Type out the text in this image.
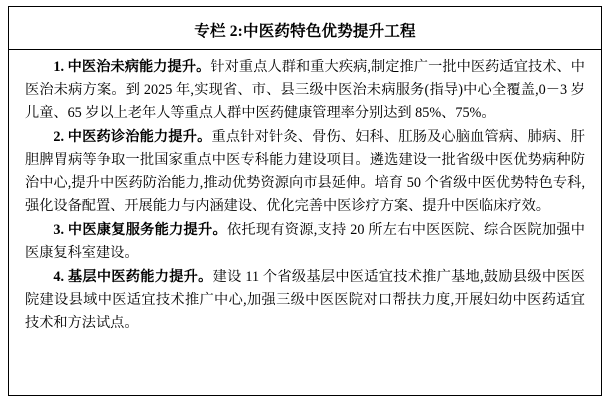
专栏 2:中医药特色优势提升工程

1. 中医治未病能力提升。针对重点人群和重大疾病,制定推广一批中医药适宜技术、中医治未病方案。到 2025 年,实现省、市、县三级中医治未病服务(指导)中心全覆盖,0－3 岁儿童、65 岁以上老年人等重点人群中医药健康管理率分别达到 85%、75%。

2. 中医药诊治能力提升。重点针对针灸、骨伤、妇科、肛肠及心脑血管病、肺病、肝胆脾胃病等争取一批国家重点中医专科能力建设项目。遴选建设一批省级中医优势病种防治中心,提升中医药防治能力,推动优势资源向市县延伸。培育 50 个省级中医优势特色专科,强化设备配置、开展能力与内涵建设、优化完善中医诊疗方案、提升中医临床疗效。

3. 中医康复服务能力提升。依托现有资源,支持 20 所左右中医医院、综合医院加强中医康复科室建设。

4. 基层中医药能力提升。建设 11 个省级基层中医适宜技术推广基地,鼓励县级中医医院建设县域中医适宜技术推广中心,加强三级中医医院对口帮扶力度,开展妇幼中医药适宜技术和方法试点。
